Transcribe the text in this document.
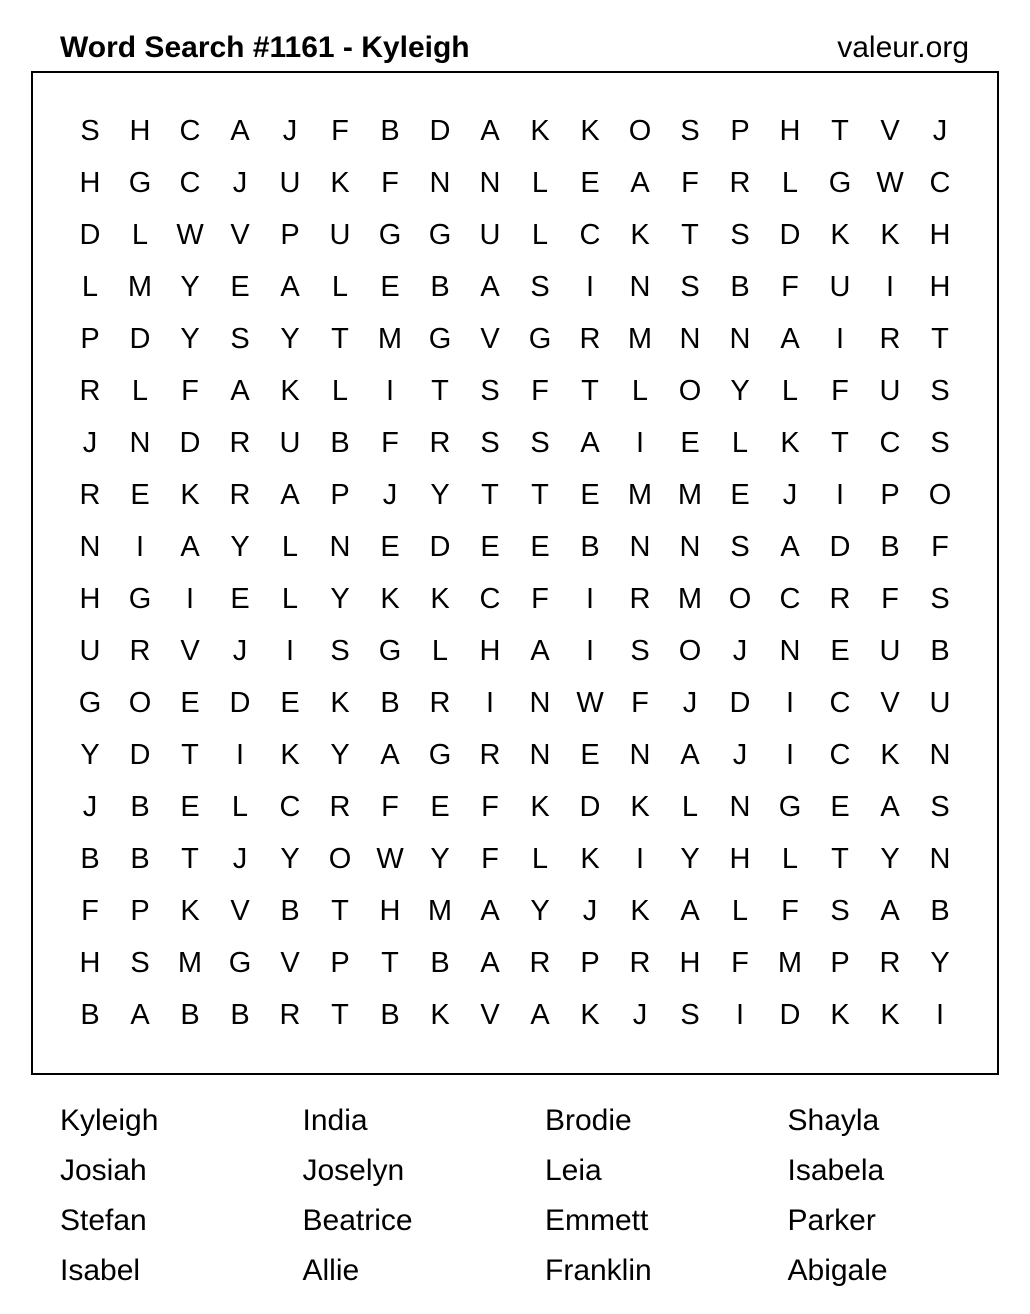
Word Search #1161 - Kyleigh	valeur.org
S H C A J F B D A K K O S P H T V J
H G C J U K F N N L E A F R L G W C
D L W V P U G G U L C K T S D K K H
L M Y E A L E B A S I N S B F U I H
P D Y S Y T M G V G R M N N A I R T
R L F A K L I T S F T L O Y L F U S
J N D R U B F R S S A I E L K T C S
R E K R A P J Y T T E M M E J I P O
N I A Y L N E D E E B N N S A D B F
H G I E L Y K K C F I R M O C R F S
U R V J I S G L H A I S O J N E U B
G O E D E K B R I N W F J D I C V U
Y D T I K Y A G R N E N A J I C K N
J B E L C R F E F K D K L N G E A S
B B T J Y O W Y F L K I Y H L T Y N
F P K V B T H M A Y J K A L F S A B
H S M G V P T B A R P R H F M P R Y
B A B B R T B K V A K J S I D K K I
Kyleigh	India	Brodie	Shayla
Josiah	Joselyn	Leia	Isabela
Stefan	Beatrice	Emmett	Parker
Isabel	Allie	Franklin	Abigale
